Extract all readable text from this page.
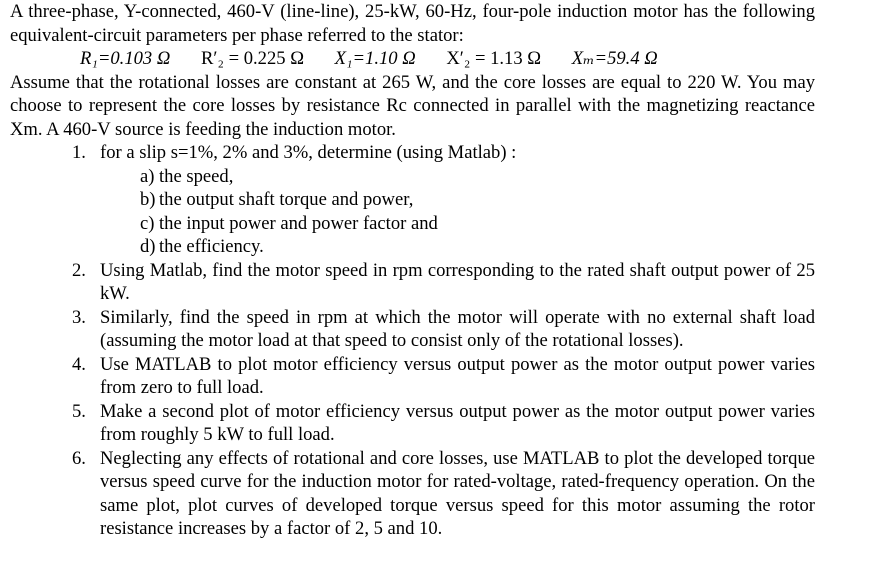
A three-phase, Y-connected, 460-V (line-line), 25-kW, 60-Hz, four-pole induction motor has the following equivalent-circuit parameters per phase referred to the stator:

R₁=0.103 Ω R′₂ = 0.225 Ω X₁=1.10 Ω X′₂ = 1.13 Ω Xₘ=59.4 Ω

Assume that the rotational losses are constant at 265 W, and the core losses are equal to 220 W. You may choose to represent the core losses by resistance Rc connected in parallel with the magnetizing reactance Xm. A 460-V source is feeding the induction motor.

1. for a slip s=1%, 2% and 3%, determine (using Matlab) :
a) the speed,
b) the output shaft torque and power,
c) the input power and power factor and
d) the efficiency.
2. Using Matlab, find the motor speed in rpm corresponding to the rated shaft output power of 25 kW.
3. Similarly, find the speed in rpm at which the motor will operate with no external shaft load (assuming the motor load at that speed to consist only of the rotational losses).
4. Use MATLAB to plot motor efficiency versus output power as the motor output power varies from zero to full load.
5. Make a second plot of motor efficiency versus output power as the motor output power varies from roughly 5 kW to full load.
6. Neglecting any effects of rotational and core losses, use MATLAB to plot the developed torque versus speed curve for the induction motor for rated-voltage, rated-frequency operation. On the same plot, plot curves of developed torque versus speed for this motor assuming the rotor resistance increases by a factor of 2, 5 and 10.
